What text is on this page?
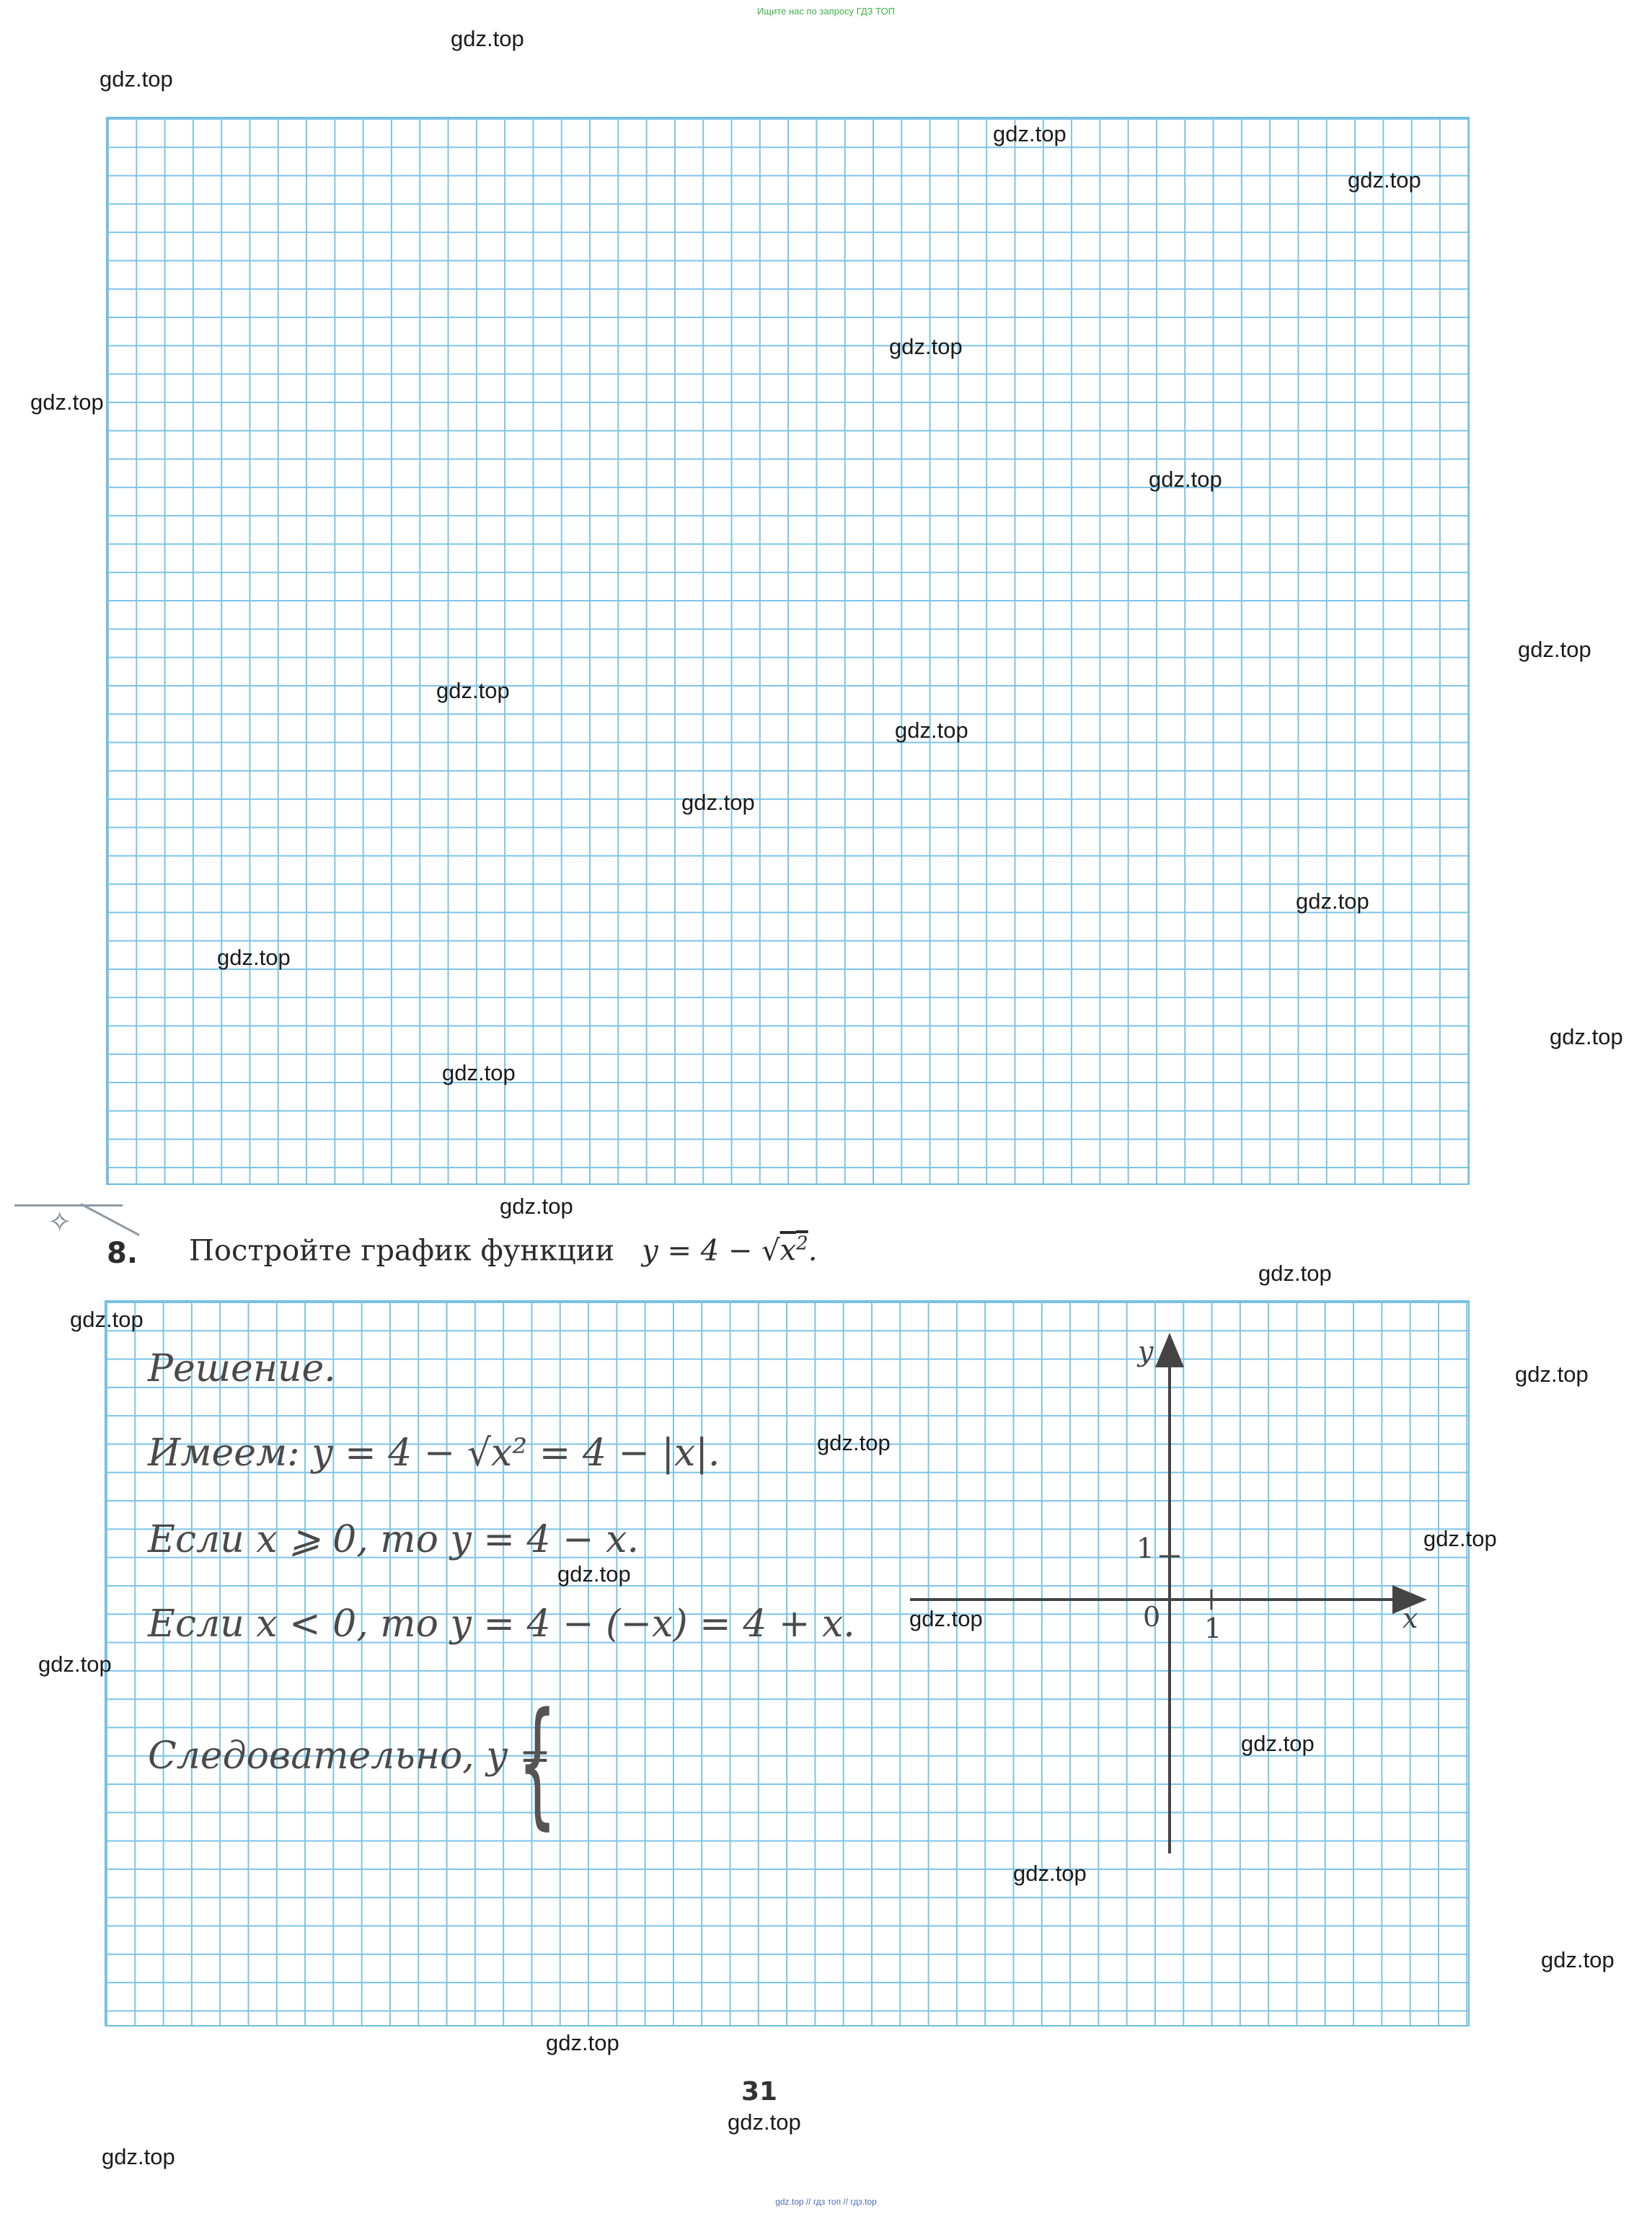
Ищите нас по запросу ГДЗ ТОП
✧
8. Постройте график функции $y = 4 - √x^2$.
Решение.
Имеем: y = 4 − √x² = 4 − |x|.
Если x ⩾ 0, то y = 4 − x.
Если x < 0, то y = 4 − (−x) = 4 + x.
Следовательно, y =
{
y
x
0 1
1
31
gdz.top
gdz.top
gdz.top
gdz.top
gdz.top
gdz.top
gdz.top
gdz.top
gdz.top
gdz.top
gdz.top
gdz.top
gdz.top
gdz.top
gdz.top
gdz.top
gdz.top
gdz.top
gdz.top
gdz.top
gdz.top
gdz.top
gdz.top
gdz.top
gdz.top
gdz.top
gdz.top
gdz.top
gdz.top
gdz.top
gdz.top // гдз топ // гдз.top
